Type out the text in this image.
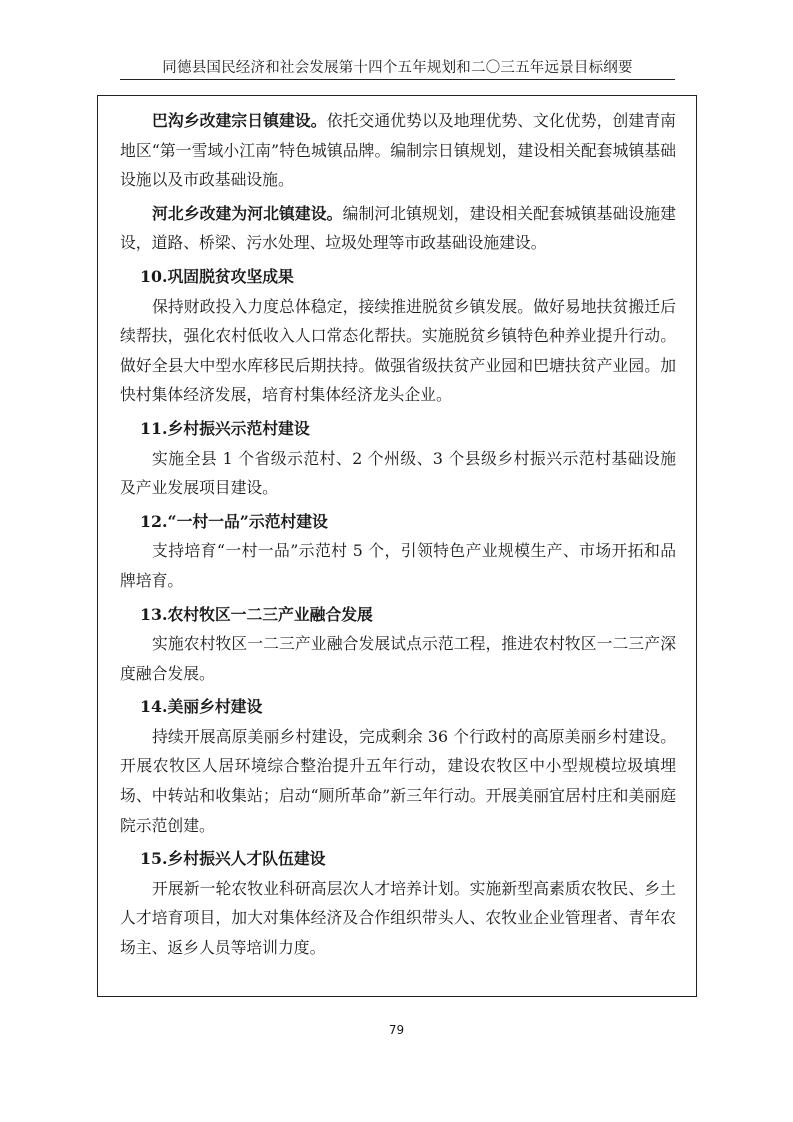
同德县国民经济和社会发展第十四个五年规划和二〇三五年远景目标纲要

巴沟乡改建宗日镇建设。依托交通优势以及地理优势、文化优势，创建青南地区“第一雪域小江南”特色城镇品牌。编制宗日镇规划，建设相关配套城镇基础设施以及市政基础设施。

河北乡改建为河北镇建设。编制河北镇规划，建设相关配套城镇基础设施建设，道路、桥梁、污水处理、垃圾处理等市政基础设施建设。

10.巩固脱贫攻坚成果

保持财政投入力度总体稳定，接续推进脱贫乡镇发展。做好易地扶贫搬迁后续帮扶，强化农村低收入人口常态化帮扶。实施脱贫乡镇特色种养业提升行动。做好全县大中型水库移民后期扶持。做强省级扶贫产业园和巴塘扶贫产业园。加快村集体经济发展，培育村集体经济龙头企业。

11.乡村振兴示范村建设

实施全县 1 个省级示范村、2 个州级、3 个县级乡村振兴示范村基础设施及产业发展项目建设。

12.“一村一品”示范村建设

支持培育“一村一品”示范村 5 个，引领特色产业规模生产、市场开拓和品牌培育。

13.农村牧区一二三产业融合发展

实施农村牧区一二三产业融合发展试点示范工程，推进农村牧区一二三产深度融合发展。

14.美丽乡村建设

持续开展高原美丽乡村建设，完成剩余 36 个行政村的高原美丽乡村建设。开展农牧区人居环境综合整治提升五年行动，建设农牧区中小型规模垃圾填埋场、中转站和收集站；启动“厕所革命”新三年行动。开展美丽宜居村庄和美丽庭院示范创建。

15.乡村振兴人才队伍建设

开展新一轮农牧业科研高层次人才培养计划。实施新型高素质农牧民、乡土人才培育项目，加大对集体经济及合作组织带头人、农牧业企业管理者、青年农场主、返乡人员等培训力度。

79
